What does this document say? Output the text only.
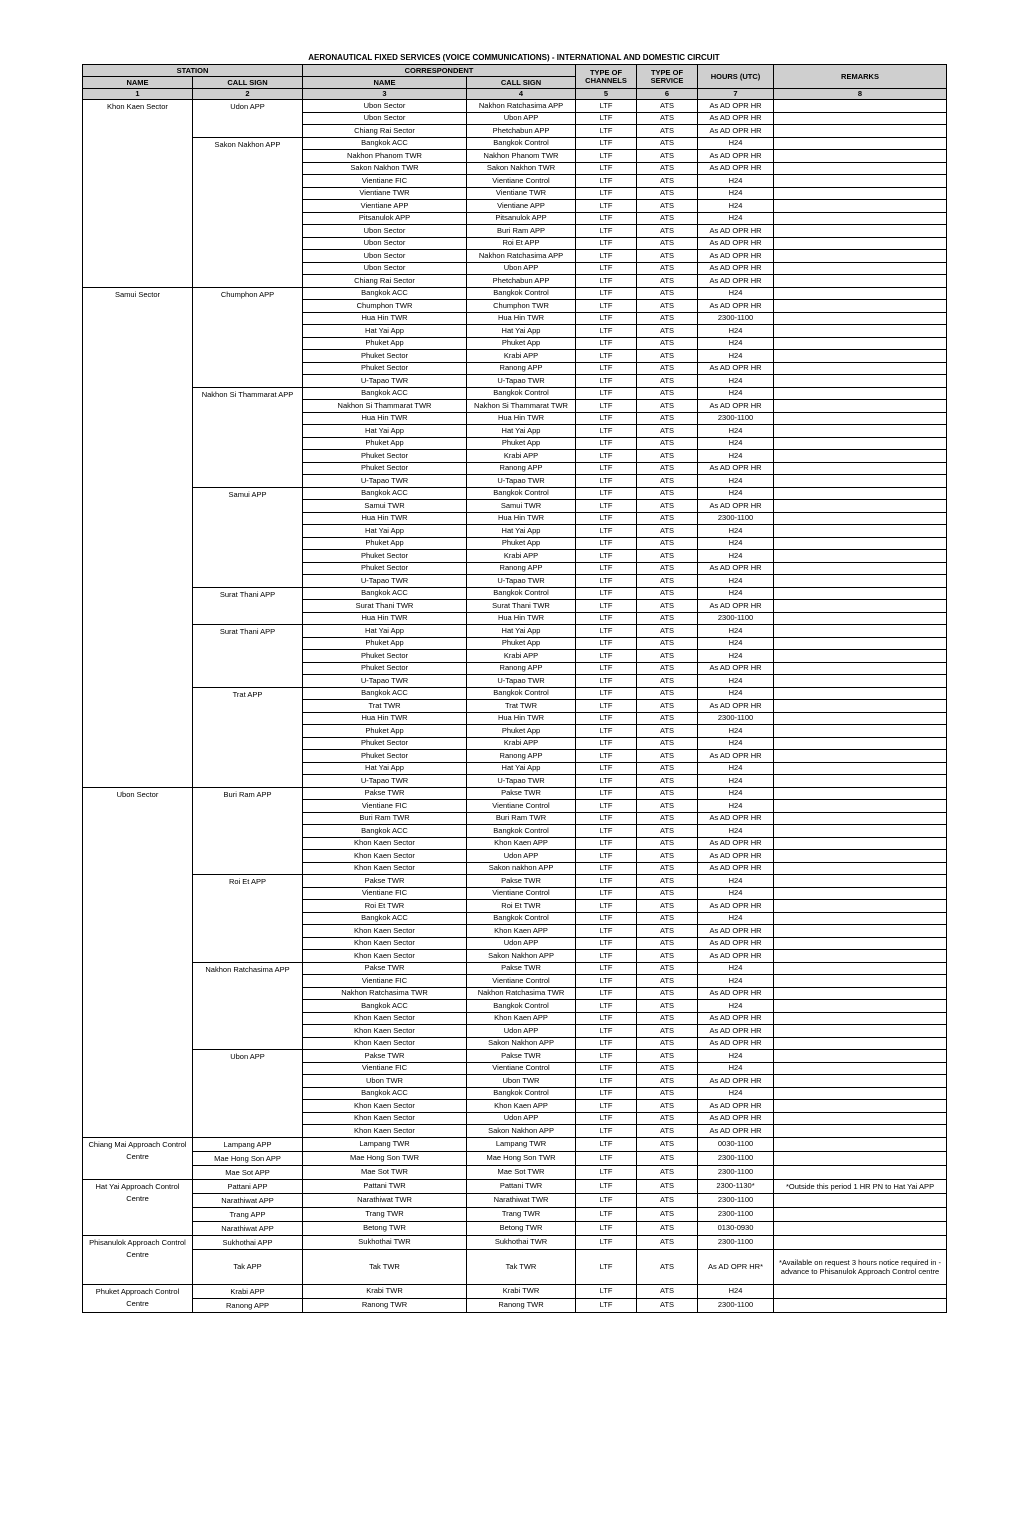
AERONAUTICAL FIXED SERVICES (VOICE COMMUNICATIONS) - INTERNATIONAL AND DOMESTIC CIRCUIT
STATION		CORRESPONDENT		TYPE OF CHANNELS	TYPE OF SERVICE	HOURS (UTC)	REMARKS
NAME	CALL SIGN	NAME	CALL SIGN				
1	2	3	4	5	6	7	8
Khon Kaen Sector	Udon APP	Ubon Sector	Nakhon Ratchasima APP	LTF	ATS	As AD OPR HR	
		Ubon Sector	Ubon APP	LTF	ATS	As AD OPR HR	
		Chiang Rai Sector	Phetchabun APP	LTF	ATS	As AD OPR HR	
	Sakon Nakhon APP	Bangkok ACC	Bangkok Control	LTF	ATS	H24	
		Nakhon Phanom TWR	Nakhon Phanom TWR	LTF	ATS	As AD OPR HR	
		Sakon Nakhon TWR	Sakon Nakhon TWR	LTF	ATS	As AD OPR HR	
		Vientiane FIC	Vientiane Control	LTF	ATS	H24	
		Vientiane TWR	Vientiane TWR	LTF	ATS	H24	
		Vientiane APP	Vientiane APP	LTF	ATS	H24	
		Pitsanulok APP	Pitsanulok APP	LTF	ATS	H24	
		Ubon Sector	Buri Ram APP	LTF	ATS	As AD OPR HR	
		Ubon Sector	Roi Et APP	LTF	ATS	As AD OPR HR	
		Ubon Sector	Nakhon Ratchasima APP	LTF	ATS	As AD OPR HR	
		Ubon Sector	Ubon APP	LTF	ATS	As AD OPR HR	
		Chiang Rai Sector	Phetchabun APP	LTF	ATS	As AD OPR HR	
Samui Sector	Chumphon APP	Bangkok ACC	Bangkok Control	LTF	ATS	H24	
		Chumphon TWR	Chumphon TWR	LTF	ATS	As AD OPR HR	
		Hua Hin TWR	Hua Hin TWR	LTF	ATS	2300-1100	
		Hat Yai App	Hat Yai App	LTF	ATS	H24	
		Phuket App	Phuket App	LTF	ATS	H24	
		Phuket Sector	Krabi APP	LTF	ATS	H24	
		Phuket Sector	Ranong APP	LTF	ATS	As AD OPR HR	
		U-Tapao TWR	U-Tapao TWR	LTF	ATS	H24	
	Nakhon Si Thammarat APP	Bangkok ACC	Bangkok Control	LTF	ATS	H24	
		Nakhon Si Thammarat TWR	Nakhon Si Thammarat TWR	LTF	ATS	As AD OPR HR	
		Hua Hin TWR	Hua Hin TWR	LTF	ATS	2300-1100	
		Hat Yai App	Hat Yai App	LTF	ATS	H24	
		Phuket App	Phuket App	LTF	ATS	H24	
		Phuket Sector	Krabi APP	LTF	ATS	H24	
		Phuket Sector	Ranong APP	LTF	ATS	As AD OPR HR	
		U-Tapao TWR	U-Tapao TWR	LTF	ATS	H24	
	Samui APP	Bangkok ACC	Bangkok Control	LTF	ATS	H24	
		Samui TWR	Samui TWR	LTF	ATS	As AD OPR HR	
		Hua Hin TWR	Hua Hin TWR	LTF	ATS	2300-1100	
		Hat Yai App	Hat Yai App	LTF	ATS	H24	
		Phuket App	Phuket App	LTF	ATS	H24	
		Phuket Sector	Krabi APP	LTF	ATS	H24	
		Phuket Sector	Ranong APP	LTF	ATS	As AD OPR HR	
		U-Tapao TWR	U-Tapao TWR	LTF	ATS	H24	
	Surat Thani APP	Bangkok ACC	Bangkok Control	LTF	ATS	H24	
		Surat Thani TWR	Surat Thani TWR	LTF	ATS	As AD OPR HR	
		Hua Hin TWR	Hua Hin TWR	LTF	ATS	2300-1100	
	Surat Thani APP	Hat Yai App	Hat Yai App	LTF	ATS	H24	
		Phuket App	Phuket App	LTF	ATS	H24	
		Phuket Sector	Krabi APP	LTF	ATS	H24	
		Phuket Sector	Ranong APP	LTF	ATS	As AD OPR HR	
		U-Tapao TWR	U-Tapao TWR	LTF	ATS	H24	
	Trat APP	Bangkok ACC	Bangkok Control	LTF	ATS	H24	
		Trat TWR	Trat TWR	LTF	ATS	As AD OPR HR	
		Hua Hin TWR	Hua Hin TWR	LTF	ATS	2300-1100	
		Phuket App	Phuket App	LTF	ATS	H24	
		Phuket Sector	Krabi APP	LTF	ATS	H24	
		Phuket Sector	Ranong APP	LTF	ATS	As AD OPR HR	
		Hat Yai App	Hat Yai App	LTF	ATS	H24	
		U-Tapao TWR	U-Tapao TWR	LTF	ATS	H24	
Ubon Sector	Buri Ram APP	Pakse TWR	Pakse TWR	LTF	ATS	H24	
		Vientiane FIC	Vientiane Control	LTF	ATS	H24	
		Buri Ram TWR	Buri Ram TWR	LTF	ATS	As AD OPR HR	
		Bangkok ACC	Bangkok Control	LTF	ATS	H24	
		Khon Kaen Sector	Khon Kaen APP	LTF	ATS	As AD OPR HR	
		Khon Kaen Sector	Udon APP	LTF	ATS	As AD OPR HR	
		Khon Kaen Sector	Sakon nakhon APP	LTF	ATS	As AD OPR HR	
	Roi Et APP	Pakse TWR	Pakse TWR	LTF	ATS	H24	
		Vientiane FIC	Vientiane Control	LTF	ATS	H24	
		Roi Et TWR	Roi Et TWR	LTF	ATS	As AD OPR HR	
		Bangkok ACC	Bangkok Control	LTF	ATS	H24	
		Khon Kaen Sector	Khon Kaen APP	LTF	ATS	As AD OPR HR	
		Khon Kaen Sector	Udon APP	LTF	ATS	As AD OPR HR	
		Khon Kaen Sector	Sakon Nakhon APP	LTF	ATS	As AD OPR HR	
	Nakhon Ratchasima APP	Pakse TWR	Pakse TWR	LTF	ATS	H24	
		Vientiane FIC	Vientiane Control	LTF	ATS	H24	
		Nakhon Ratchasima TWR	Nakhon Ratchasima TWR	LTF	ATS	As AD OPR HR	
		Bangkok ACC	Bangkok Control	LTF	ATS	H24	
		Khon Kaen Sector	Khon Kaen APP	LTF	ATS	As AD OPR HR	
		Khon Kaen Sector	Udon APP	LTF	ATS	As AD OPR HR	
		Khon Kaen Sector	Sakon Nakhon APP	LTF	ATS	As AD OPR HR	
	Ubon APP	Pakse TWR	Pakse TWR	LTF	ATS	H24	
		Vientiane FIC	Vientiane Control	LTF	ATS	H24	
		Ubon TWR	Ubon TWR	LTF	ATS	As AD OPR HR	
		Bangkok ACC	Bangkok Control	LTF	ATS	H24	
		Khon Kaen Sector	Khon Kaen APP	LTF	ATS	As AD OPR HR	
		Khon Kaen Sector	Udon APP	LTF	ATS	As AD OPR HR	
		Khon Kaen Sector	Sakon Nakhon APP	LTF	ATS	As AD OPR HR	
Chiang Mai Approach Control Centre	Lampang APP	Lampang TWR	Lampang TWR	LTF	ATS	0030-1100	
	Mae Hong Son APP	Mae Hong Son TWR	Mae Hong Son TWR	LTF	ATS	2300-1100	
	Mae Sot APP	Mae Sot TWR	Mae Sot TWR	LTF	ATS	2300-1100	
Hat Yai Approach Control Centre	Pattani APP	Pattani TWR	Pattani TWR	LTF	ATS	2300-1130*	*Outside this period 1 HR PN to Hat Yai APP
	Narathiwat APP	Narathiwat TWR	Narathiwat TWR	LTF	ATS	2300-1100	
	Trang APP	Trang TWR	Trang TWR	LTF	ATS	2300-1100	
	Narathiwat APP	Betong TWR	Betong TWR	LTF	ATS	0130-0930	
Phisanulok Approach Control Centre	Sukhothai APP	Sukhothai TWR	Sukhothai TWR	LTF	ATS	2300-1100	
	Tak APP	Tak TWR	Tak TWR	LTF	ATS	As AD OPR HR*	*Available on request 3 hours notice required in - advance to Phisanulok Approach Control centre
Phuket Approach Control Centre	Krabi APP	Krabi TWR	Krabi TWR	LTF	ATS	H24	
	Ranong APP	Ranong TWR	Ranong TWR	LTF	ATS	2300-1100	
